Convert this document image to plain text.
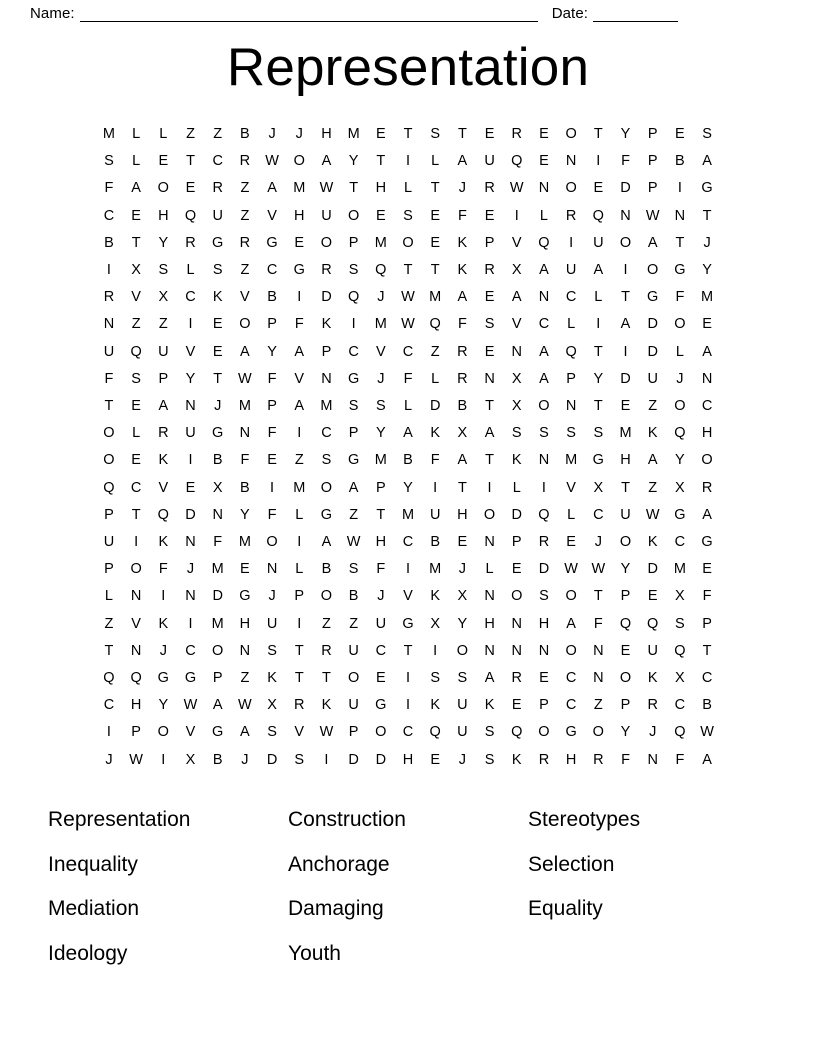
Name:	Date:
Representation
M	L	L	Z	Z	B	J	J	H	M	E	T	S	T	E	R	E	O	T	Y	P	E	S
S	L	E	T	C	R	W	O	A	Y	T	I	L	A	U	Q	E	N	I	F	P	B	A
F	A	O	E	R	Z	A	M	W	T	H	L	T	J	R	W	N	O	E	D	P	I	G
C	E	H	Q	U	Z	V	H	U	O	E	S	E	F	E	I	L	R	Q	N	W	N	T
B	T	Y	R	G	R	G	E	O	P	M	O	E	K	P	V	Q	I	U	O	A	T	J
I	X	S	L	S	Z	C	G	R	S	Q	T	T	K	R	X	A	U	A	I	O	G	Y
R	V	X	C	K	V	B	I	D	Q	J	W	M	A	E	A	N	C	L	T	G	F	M
N	Z	Z	I	E	O	P	F	K	I	M	W	Q	F	S	V	C	L	I	A	D	O	E
U	Q	U	V	E	A	Y	A	P	C	V	C	Z	R	E	N	A	Q	T	I	D	L	A
F	S	P	Y	T	W	F	V	N	G	J	F	L	R	N	X	A	P	Y	D	U	J	N
T	E	A	N	J	M	P	A	M	S	S	L	D	B	T	X	O	N	T	E	Z	O	C
O	L	R	U	G	N	F	I	C	P	Y	A	K	X	A	S	S	S	S	M	K	Q	H
O	E	K	I	B	F	E	Z	S	G	M	B	F	A	T	K	N	M	G	H	A	Y	O
Q	C	V	E	X	B	I	M	O	A	P	Y	I	T	I	L	I	V	X	T	Z	X	R
P	T	Q	D	N	Y	F	L	G	Z	T	M	U	H	O	D	Q	L	C	U	W	G	A
U	I	K	N	F	M	O	I	A	W	H	C	B	E	N	P	R	E	J	O	K	C	G
P	O	F	J	M	E	N	L	B	S	F	I	M	J	L	E	D	W	W	Y	D	M	E
L	N	I	N	D	G	J	P	O	B	J	V	K	X	N	O	S	O	T	P	E	X	F
Z	V	K	I	M	H	U	I	Z	Z	U	G	X	Y	H	N	H	A	F	Q	Q	S	P
T	N	J	C	O	N	S	T	R	U	C	T	I	O	N	N	N	O	N	E	U	Q	T
Q	Q	G	G	P	Z	K	T	T	O	E	I	S	S	A	R	E	C	N	O	K	X	C
C	H	Y	W	A	W	X	R	K	U	G	I	K	U	K	E	P	C	Z	P	R	C	B
I	P	O	V	G	A	S	V	W	P	O	C	Q	U	S	Q	O	G	O	Y	J	Q	W
J	W	I	X	B	J	D	S	I	D	D	H	E	J	S	K	R	H	R	F	N	F	A
Representation	Construction	Stereotypes
Inequality	Anchorage	Selection
Mediation	Damaging	Equality
Ideology	Youth
